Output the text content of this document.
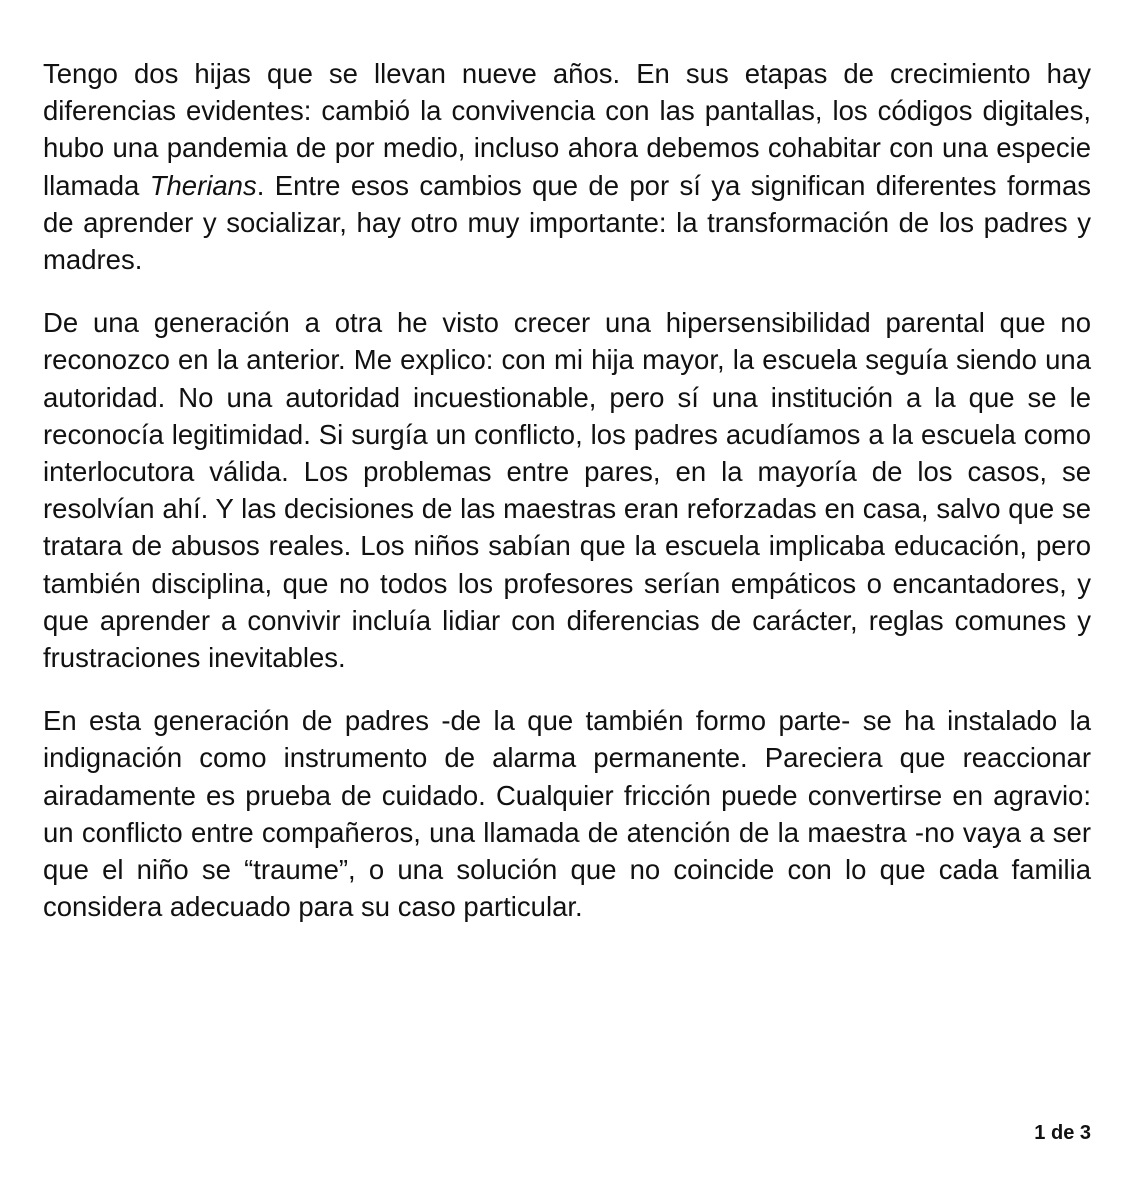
Tengo dos hijas que se llevan nueve años. En sus etapas de crecimiento hay diferencias evidentes: cambió la convivencia con las pantallas, los códigos digitales, hubo una pandemia de por medio, incluso ahora debemos cohabitar con una especie llamada Therians. Entre esos cambios que de por sí ya significan diferentes formas de aprender y socializar, hay otro muy importante: la transformación de los padres y madres.

De una generación a otra he visto crecer una hipersensibilidad parental que no reconozco en la anterior. Me explico: con mi hija mayor, la escuela seguía siendo una autoridad. No una autoridad incuestionable, pero sí una institución a la que se le reconocía legitimidad. Si surgía un conflicto, los padres acudíamos a la escuela como interlocutora válida. Los problemas entre pares, en la mayoría de los casos, se resolvían ahí. Y las decisiones de las maestras eran reforzadas en casa, salvo que se tratara de abusos reales. Los niños sabían que la escuela implicaba educación, pero también disciplina, que no todos los profesores serían empáticos o encantadores, y que aprender a convivir incluía lidiar con diferencias de carácter, reglas comunes y frustraciones inevitables.

En esta generación de padres -de la que también formo parte- se ha instalado la indignación como instrumento de alarma permanente. Pareciera que reaccionar airadamente es prueba de cuidado. Cualquier fricción puede convertirse en agravio: un conflicto entre compañeros, una llamada de atención de la maestra -no vaya a ser que el niño se “traume”, o una solución que no coincide con lo que cada familia considera adecuado para su caso particular.

1 de 3
